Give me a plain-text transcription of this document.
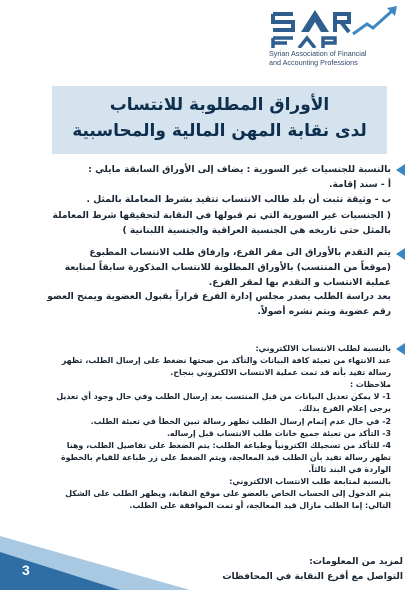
Syrian Association of Financial
and Accounting Professions
الأوراق المطلوبة للانتساب
لدى نقابة المهن المالية والمحاسبية

بالنسبة للجنسيات غير السورية : يضاف إلى الأوراق السابقة مايلي :

أ - سند إقامة.

ب - وثيقة تثبت أن بلد طالب الانتساب تتقيد بشرط المعاملة بالمثل .

( الجنسيات غير السورية التي تم قبولها في النقابة لتحقيقها شرط المعاملة

بالمثل حتى تاريخه هي الجنسية العراقية والجنسية اللبنانية )

يتم التقدم بالأوراق الى مقر الفرع، وإرفاق طلب الانتساب المطبوع

(موقعاً من المنتسب) بالأوراق المطلوبة للانتساب المذكورة سابقاً لمتابعة

عملية الانتساب و التقدم بها لمقر الفرع.

بعد دراسة الطلب يصدر مجلس إدارة الفرع قراراً بقبول العضوية ويمنح العضو

رقم عضوية ويتم نشره أصولاً.

بالنسبة لطلب الانتساب الالكتروني:

عند الانتهاء من تعبئة كافة البيانات والتأكد من صحتها نضغط على إرسال الطلب، تظهر

رسالة تفيد بأنه قد تمت عملية الانتساب الالكتروني بنجاح.

ملاحظات :

1- لا يمكن تعديل البيانات من قبل المنتسب بعد إرسال الطلب وفي حال وجود أي تعديل

يرجى إعلام الفرع بذلك.

2- في حال عدم إتمام إرسال الطلب تظهر رسالة تبين الخطأ في تعبئة الطلب.

3- التأكد من تعبئة جميع خانات طلب الانتساب قبل إرساله.

4- للتأكد من تسجيلك الكترونياً وطباعة الطلب: يتم الضغط على تفاصيل الطلب، وهنا

تظهر رسالة تفيد بأن الطلب قيد المعالجة، ويتم الضغط على زر طباعة للقيام بالخطوة

الواردة في البند ثالثاً.

بالنسبة لمتابعة طلب الانتساب الالكتروني:

يتم الدخول إلى الحساب الخاص بالعضو على موقع النقابة، ويظهر الطلب على الشكل

التالي: إما الطلب مازال قيد المعالجة، أو تمت الموافقة على الطلب.

3
لمزيد من المعلومات:
التواصل مع أفرع النقابة في المحافظات
